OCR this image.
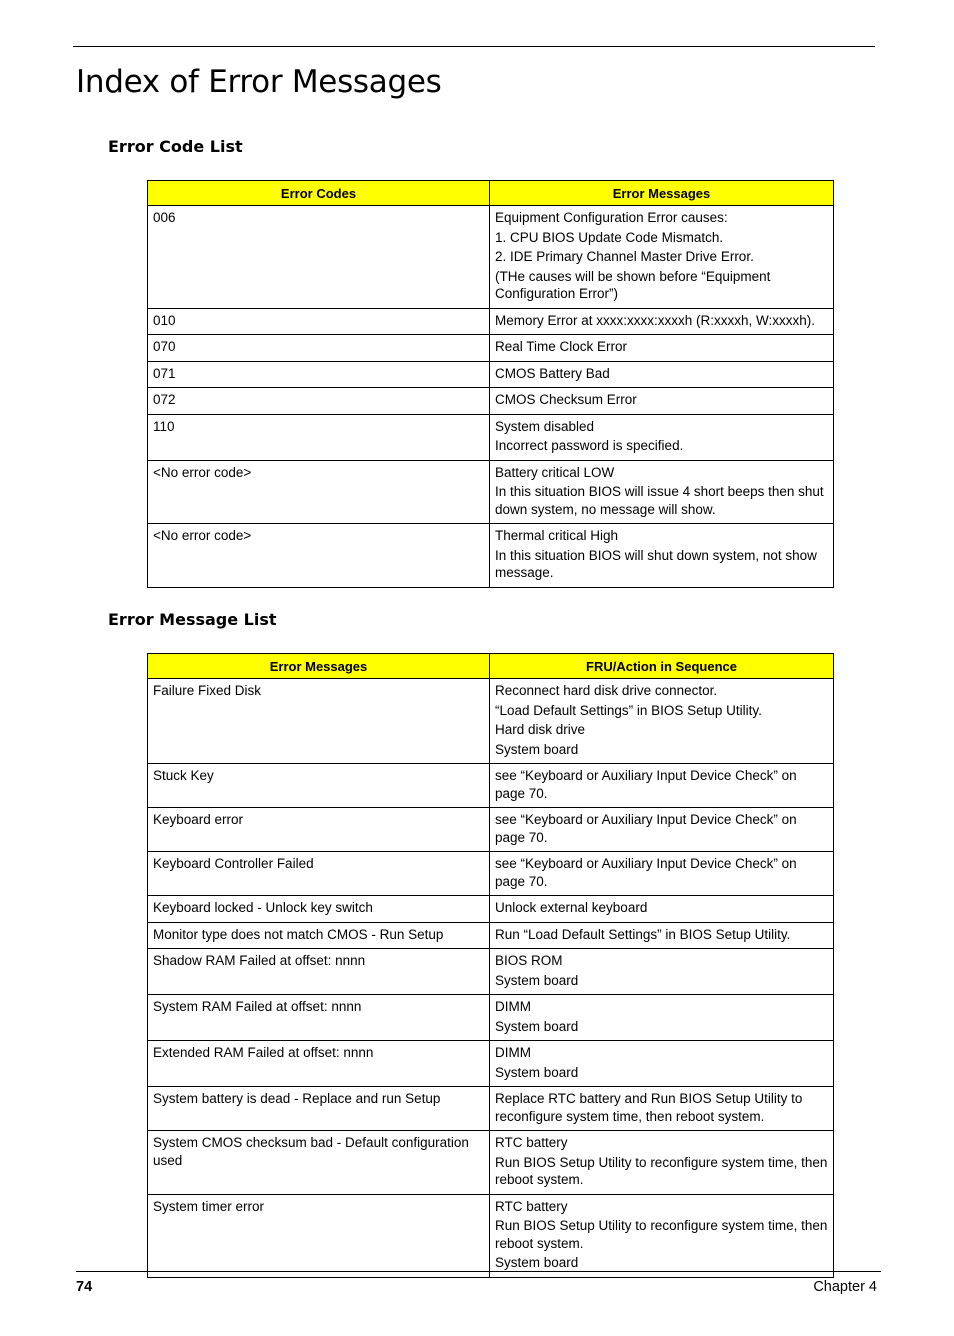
Index of Error Messages
Error Code List
Error Codes	Error Messages
006	Equipment Configuration Error causes:
1. CPU BIOS Update Code Mismatch.
2. IDE Primary Channel Master Drive Error.
(THe causes will be shown before “Equipment Configuration Error”)

010	Memory Error at xxxx:xxxx:xxxxh (R:xxxxh, W:xxxxh).

070	Real Time Clock Error

071	CMOS Battery Bad

072	CMOS Checksum Error

110	System disabled
Incorrect password is specified.

<No error code>	Battery critical LOW
In this situation BIOS will issue 4 short beeps then shut down system, no message will show.

<No error code>	Thermal critical High
In this situation BIOS will shut down system, not show message.
Error Message List
Error Messages	FRU/Action in Sequence
Failure Fixed Disk	Reconnect hard disk drive connector.
“Load Default Settings” in BIOS Setup Utility.
Hard disk drive
System board

Stuck Key	see “Keyboard or Auxiliary Input Device Check” on page 70.

Keyboard error	see “Keyboard or Auxiliary Input Device Check” on page 70.

Keyboard Controller Failed	see “Keyboard or Auxiliary Input Device Check” on page 70.

Keyboard locked - Unlock key switch	Unlock external keyboard

Monitor type does not match CMOS - Run Setup	Run “Load Default Settings” in BIOS Setup Utility.

Shadow RAM Failed at offset: nnnn	BIOS ROM
System board

System RAM Failed at offset: nnnn	DIMM
System board

Extended RAM Failed at offset: nnnn	DIMM
System board

System battery is dead - Replace and run Setup	Replace RTC battery and Run BIOS Setup Utility to reconfigure system time, then reboot system.

System CMOS checksum bad - Default configuration used	RTC battery
Run BIOS Setup Utility to reconfigure system time, then reboot system.

System timer error	RTC battery
Run BIOS Setup Utility to reconfigure system time, then reboot system.
System board
74	Chapter 4
